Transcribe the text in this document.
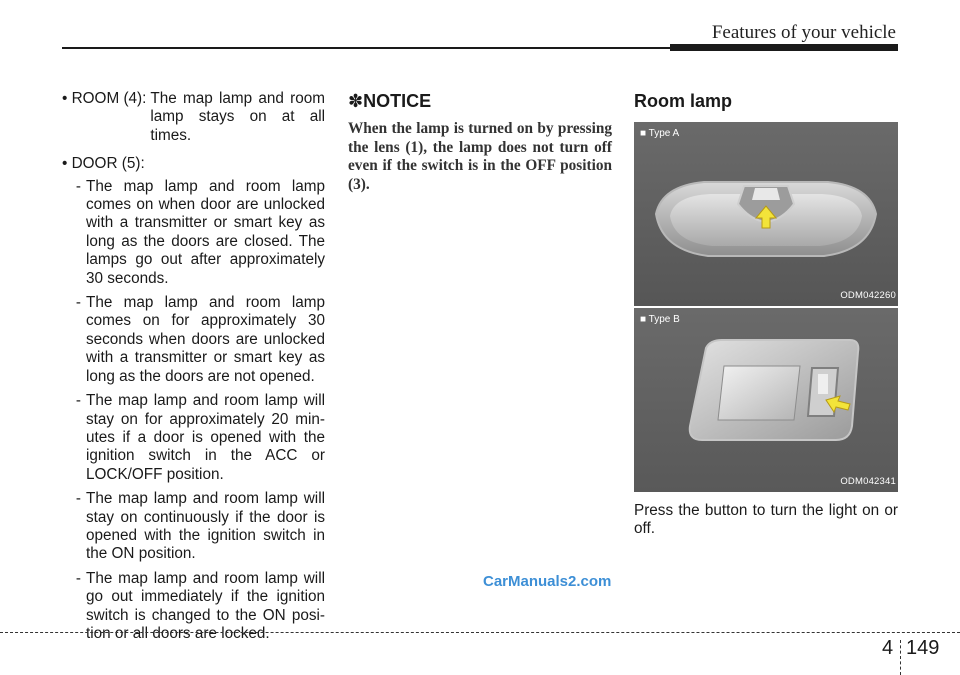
Features of your vehicle
• ROOM (4): The map lamp and room lamp stays on at all times.
• DOOR (5):
- The map lamp and room lamp comes on when door are unlocked with a transmitter or smart key as long as the doors are closed. The lamps go out after approximately 30 seconds.
- The map lamp and room lamp comes on for approximately 30 seconds when doors are unlocked with a transmitter or smart key as long as the doors are not opened.
- The map lamp and room lamp will stay on for approximately 20 min-utes if a door is opened with the ignition switch in the ACC or LOCK/OFF position.
- The map lamp and room lamp will stay on continuously if the door is opened with the ignition switch in the ON position.
- The map lamp and room lamp will go out immediately if the ignition switch is changed to the ON posi-tion or all doors are locked.
✽NOTICE

When the lamp is turned on by pressing the lens (1), the lamp does not turn off even if the switch is in the OFF position (3).

Room lamp
■ Type A
ODM042260
■ Type B
ODM042341
Press the button to turn the light on or off.
CarManuals2.com
4 149
